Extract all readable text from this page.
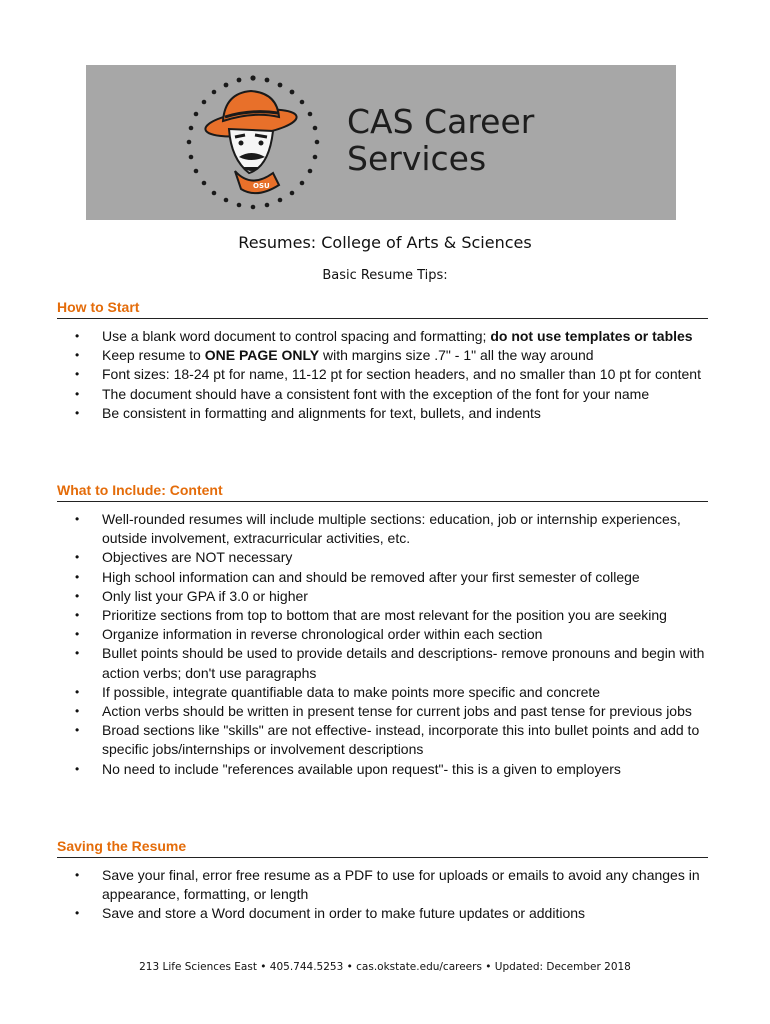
OSU
CAS Career
Services
Resumes: College of Arts & Sciences
Basic Resume Tips:
How to Start
• Use a blank word document to control spacing and formatting; do not use templates or tables
• Keep resume to ONE PAGE ONLY with margins size .7" - 1" all the way around
• Font sizes: 18-24 pt for name, 11-12 pt for section headers, and no smaller than 10 pt for content
• The document should have a consistent font with the exception of the font for your name
• Be consistent in formatting and alignments for text, bullets, and indents
What to Include: Content
• Well-rounded resumes will include multiple sections: education, job or internship experiences, outside involvement, extracurricular activities, etc.
• Objectives are NOT necessary
• High school information can and should be removed after your first semester of college
• Only list your GPA if 3.0 or higher
• Prioritize sections from top to bottom that are most relevant for the position you are seeking
• Organize information in reverse chronological order within each section
• Bullet points should be used to provide details and descriptions- remove pronouns and begin with action verbs; don't use paragraphs
• If possible, integrate quantifiable data to make points more specific and concrete
• Action verbs should be written in present tense for current jobs and past tense for previous jobs
• Broad sections like "skills" are not effective- instead, incorporate this into bullet points and add to specific jobs/internships or involvement descriptions
• No need to include "references available upon request"- this is a given to employers
Saving the Resume
• Save your final, error free resume as a PDF to use for uploads or emails to avoid any changes in appearance, formatting, or length
• Save and store a Word document in order to make future updates or additions
213 Life Sciences East • 405.744.5253 • cas.okstate.edu/careers • Updated: December 2018
